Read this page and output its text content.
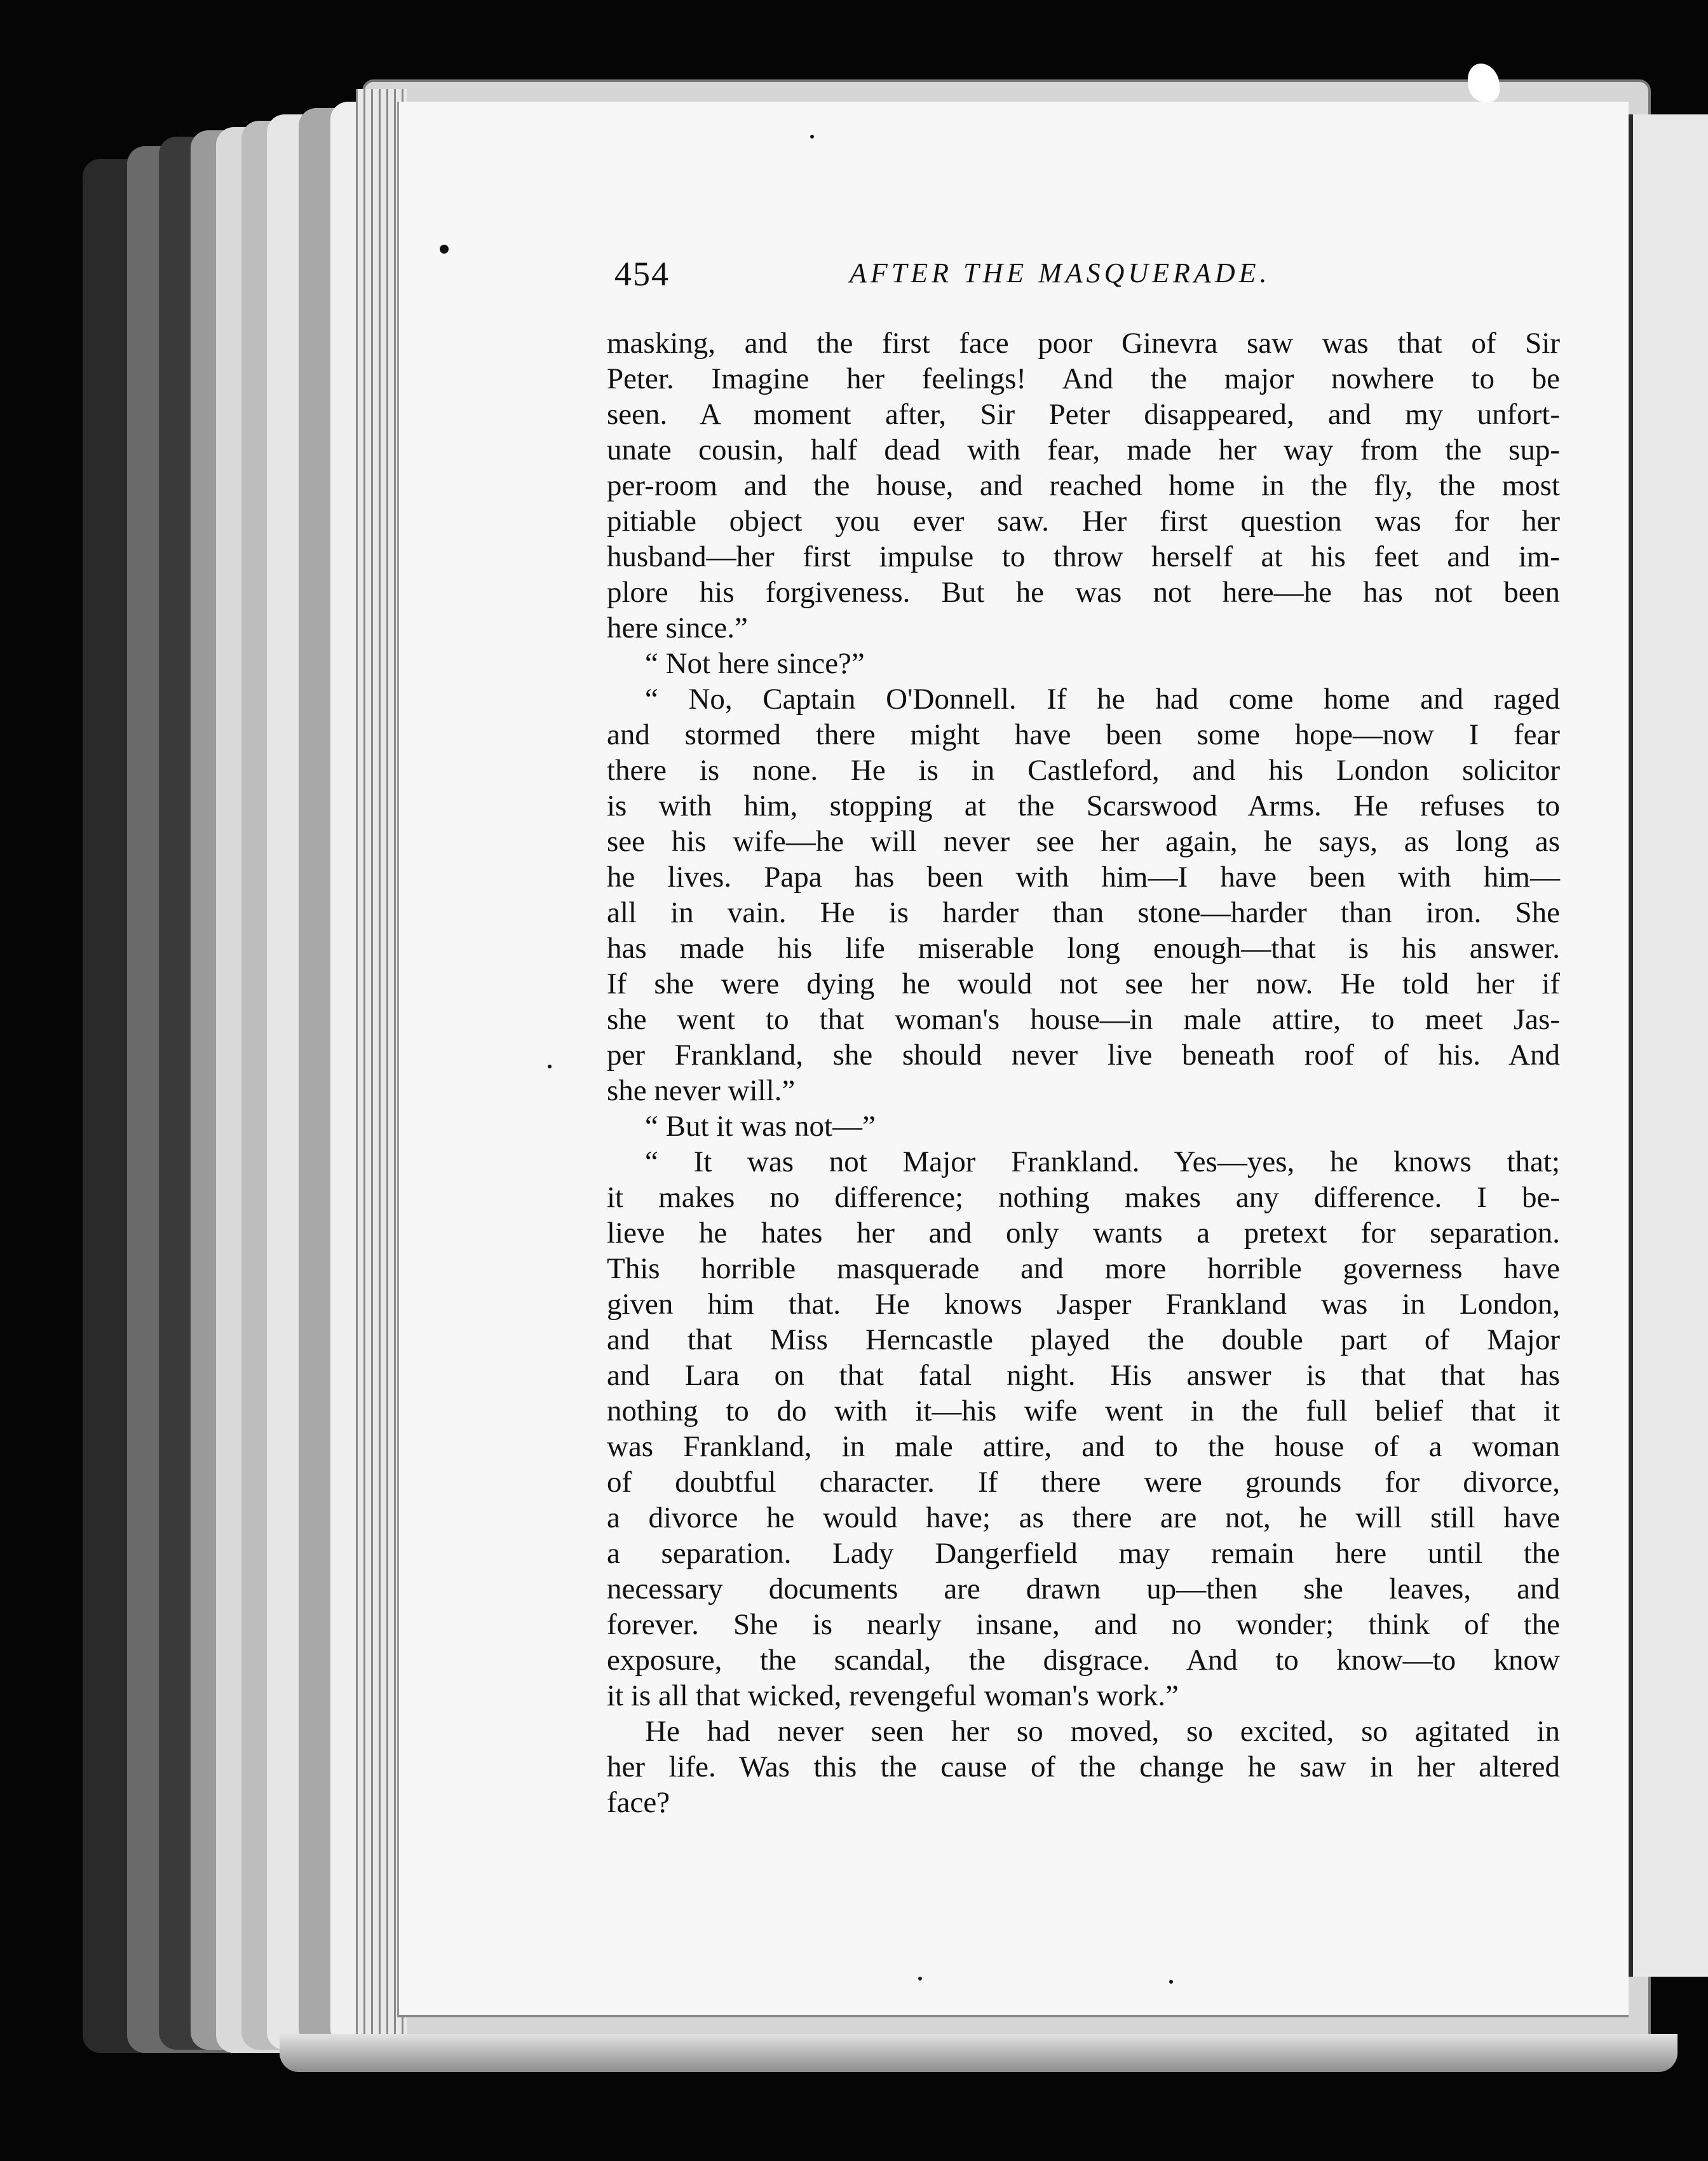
454	AFTER THE MASQUERADE.
masking, and the first face poor Ginevra saw was that of Sir
Peter. Imagine her feelings! And the major nowhere to be
seen. A moment after, Sir Peter disappeared, and my unfort-
unate cousin, half dead with fear, made her way from the sup-
per-room and the house, and reached home in the fly, the most
pitiable object you ever saw. Her first question was for her
husband—her first impulse to throw herself at his feet and im-
plore his forgiveness. But he was not here—he has not been
here since.”
“ Not here since?”
“ No, Captain O'Donnell. If he had come home and raged
and stormed there might have been some hope—now I fear
there is none. He is in Castleford, and his London solicitor
is with him, stopping at the Scarswood Arms. He refuses to
see his wife—he will never see her again, he says, as long as
he lives. Papa has been with him—I have been with him—
all in vain. He is harder than stone—harder than iron. She
has made his life miserable long enough—that is his answer.
If she were dying he would not see her now. He told her if
she went to that woman's house—in male attire, to meet Jas-
per Frankland, she should never live beneath roof of his. And
she never will.”
“ But it was not—”
“ It was not Major Frankland. Yes—yes, he knows that;
it makes no difference; nothing makes any difference. I be-
lieve he hates her and only wants a pretext for separation.
This horrible masquerade and more horrible governess have
given him that. He knows Jasper Frankland was in London,
and that Miss Herncastle played the double part of Major
and Lara on that fatal night. His answer is that that has
nothing to do with it—his wife went in the full belief that it
was Frankland, in male attire, and to the house of a woman
of doubtful character. If there were grounds for divorce,
a divorce he would have; as there are not, he will still have
a separation. Lady Dangerfield may remain here until the
necessary documents are drawn up—then she leaves, and
forever. She is nearly insane, and no wonder; think of the
exposure, the scandal, the disgrace. And to know—to know
it is all that wicked, revengeful woman's work.”
He had never seen her so moved, so excited, so agitated in
her life. Was this the cause of the change he saw in her altered
face?
